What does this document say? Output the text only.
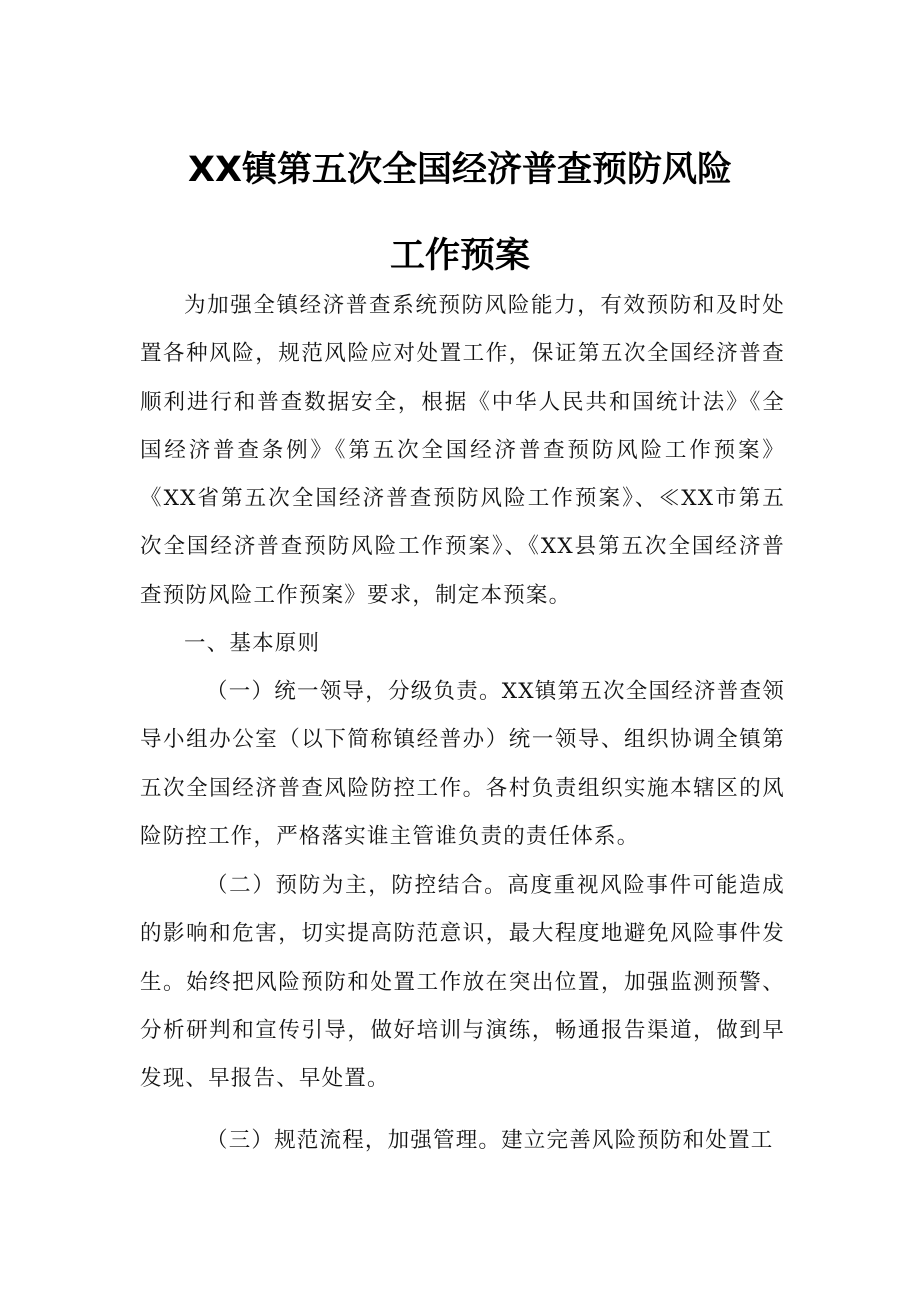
XX镇第五次全国经济普查预防风险
工作预案

为加强全镇经济普查系统预防风险能力，有效预防和及时处置各种风险，规范风险应对处置工作，保证第五次全国经济普查顺利进行和普查数据安全，根据《中华人民共和国统计法》《全国经济普查条例》《第五次全国经济普查预防风险工作预案》《XX省第五次全国经济普查预防风险工作预案》、≪XX市第五次全国经济普查预防风险工作预案》、《XX县第五次全国经济普查预防风险工作预案》要求，制定本预案。

一、基本原则

（一）统一领导，分级负责。XX镇第五次全国经济普查领导小组办公室（以下简称镇经普办）统一领导、组织协调全镇第五次全国经济普查风险防控工作。各村负责组织实施本辖区的风险防控工作，严格落实谁主管谁负责的责任体系。

（二）预防为主，防控结合。高度重视风险事件可能造成的影响和危害，切实提高防范意识，最大程度地避免风险事件发生。始终把风险预防和处置工作放在突出位置，加强监测预警、分析研判和宣传引导，做好培训与演练，畅通报告渠道，做到早发现、早报告、早处置。

（三）规范流程，加强管理。建立完善风险预防和处置工
